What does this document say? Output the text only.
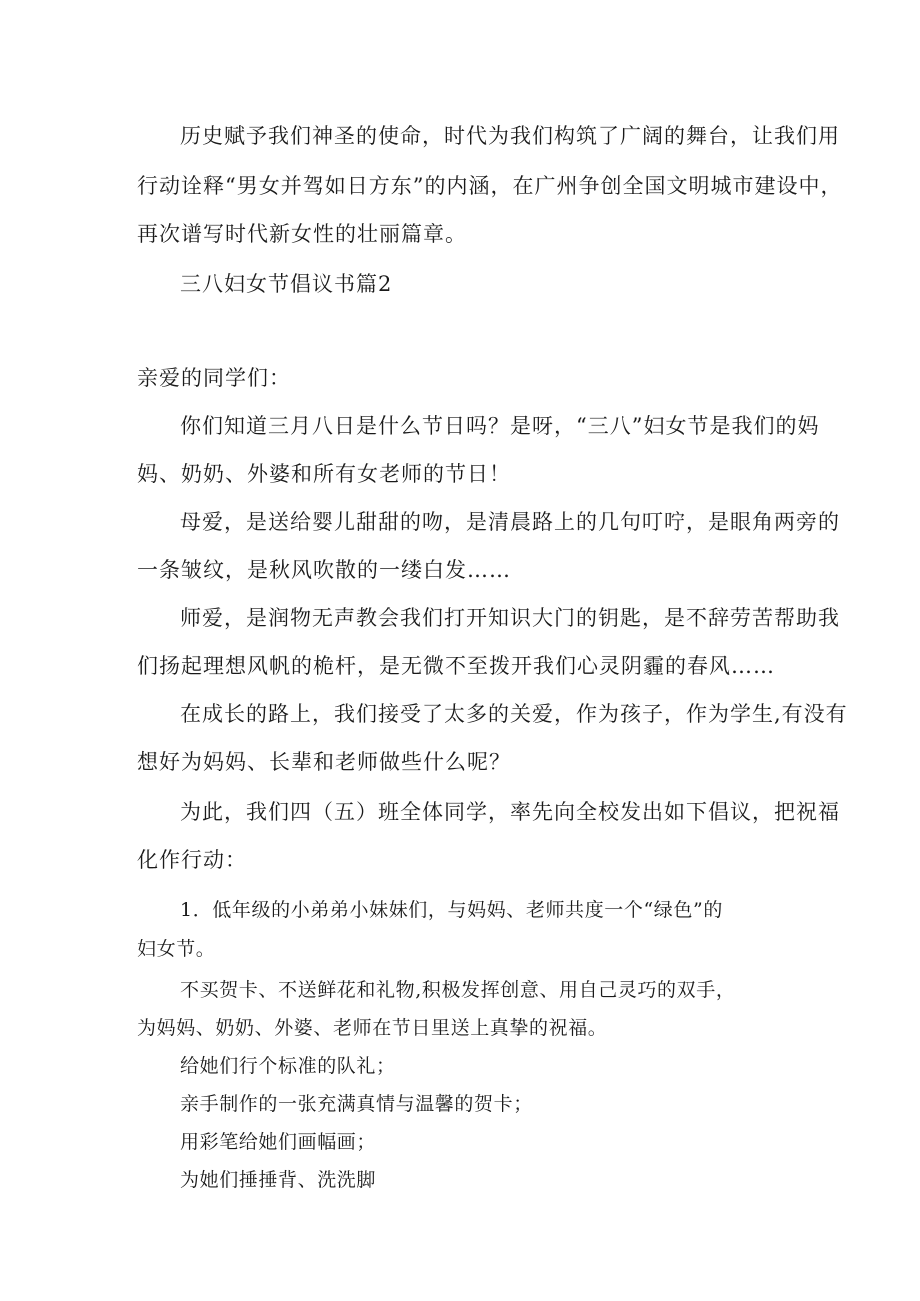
历史赋予我们神圣的使命，时代为我们构筑了广阔的舞台，让我们用

行动诠释“男女并驾如日方东”的内涵，在广州争创全国文明城市建设中，

再次谱写时代新女性的壮丽篇章。

三八妇女节倡议书篇2

亲爱的同学们：

你们知道三月八日是什么节日吗？是呀，“三八”妇女节是我们的妈

妈、奶奶、外婆和所有女老师的节日！

母爱，是送给婴儿甜甜的吻，是清晨路上的几句叮咛，是眼角两旁的

一条皱纹，是秋风吹散的一缕白发……

师爱，是润物无声教会我们打开知识大门的钥匙，是不辞劳苦帮助我

们扬起理想风帆的桅杆，是无微不至拨开我们心灵阴霾的春风……

在成长的路上，我们接受了太多的关爱，作为孩子，作为学生,有没有

想好为妈妈、长辈和老师做些什么呢？

为此，我们四（五）班全体同学，率先向全校发出如下倡议，把祝福

化作行动：

1．低年级的小弟弟小妹妹们，与妈妈、老师共度一个“绿色”的

妇女节。

不买贺卡、不送鲜花和礼物,积极发挥创意、用自己灵巧的双手，

为妈妈、奶奶、外婆、老师在节日里送上真挚的祝福。

给她们行个标准的队礼；

亲手制作的一张充满真情与温馨的贺卡；

用彩笔给她们画幅画；

为她们捶捶背、洗洗脚
